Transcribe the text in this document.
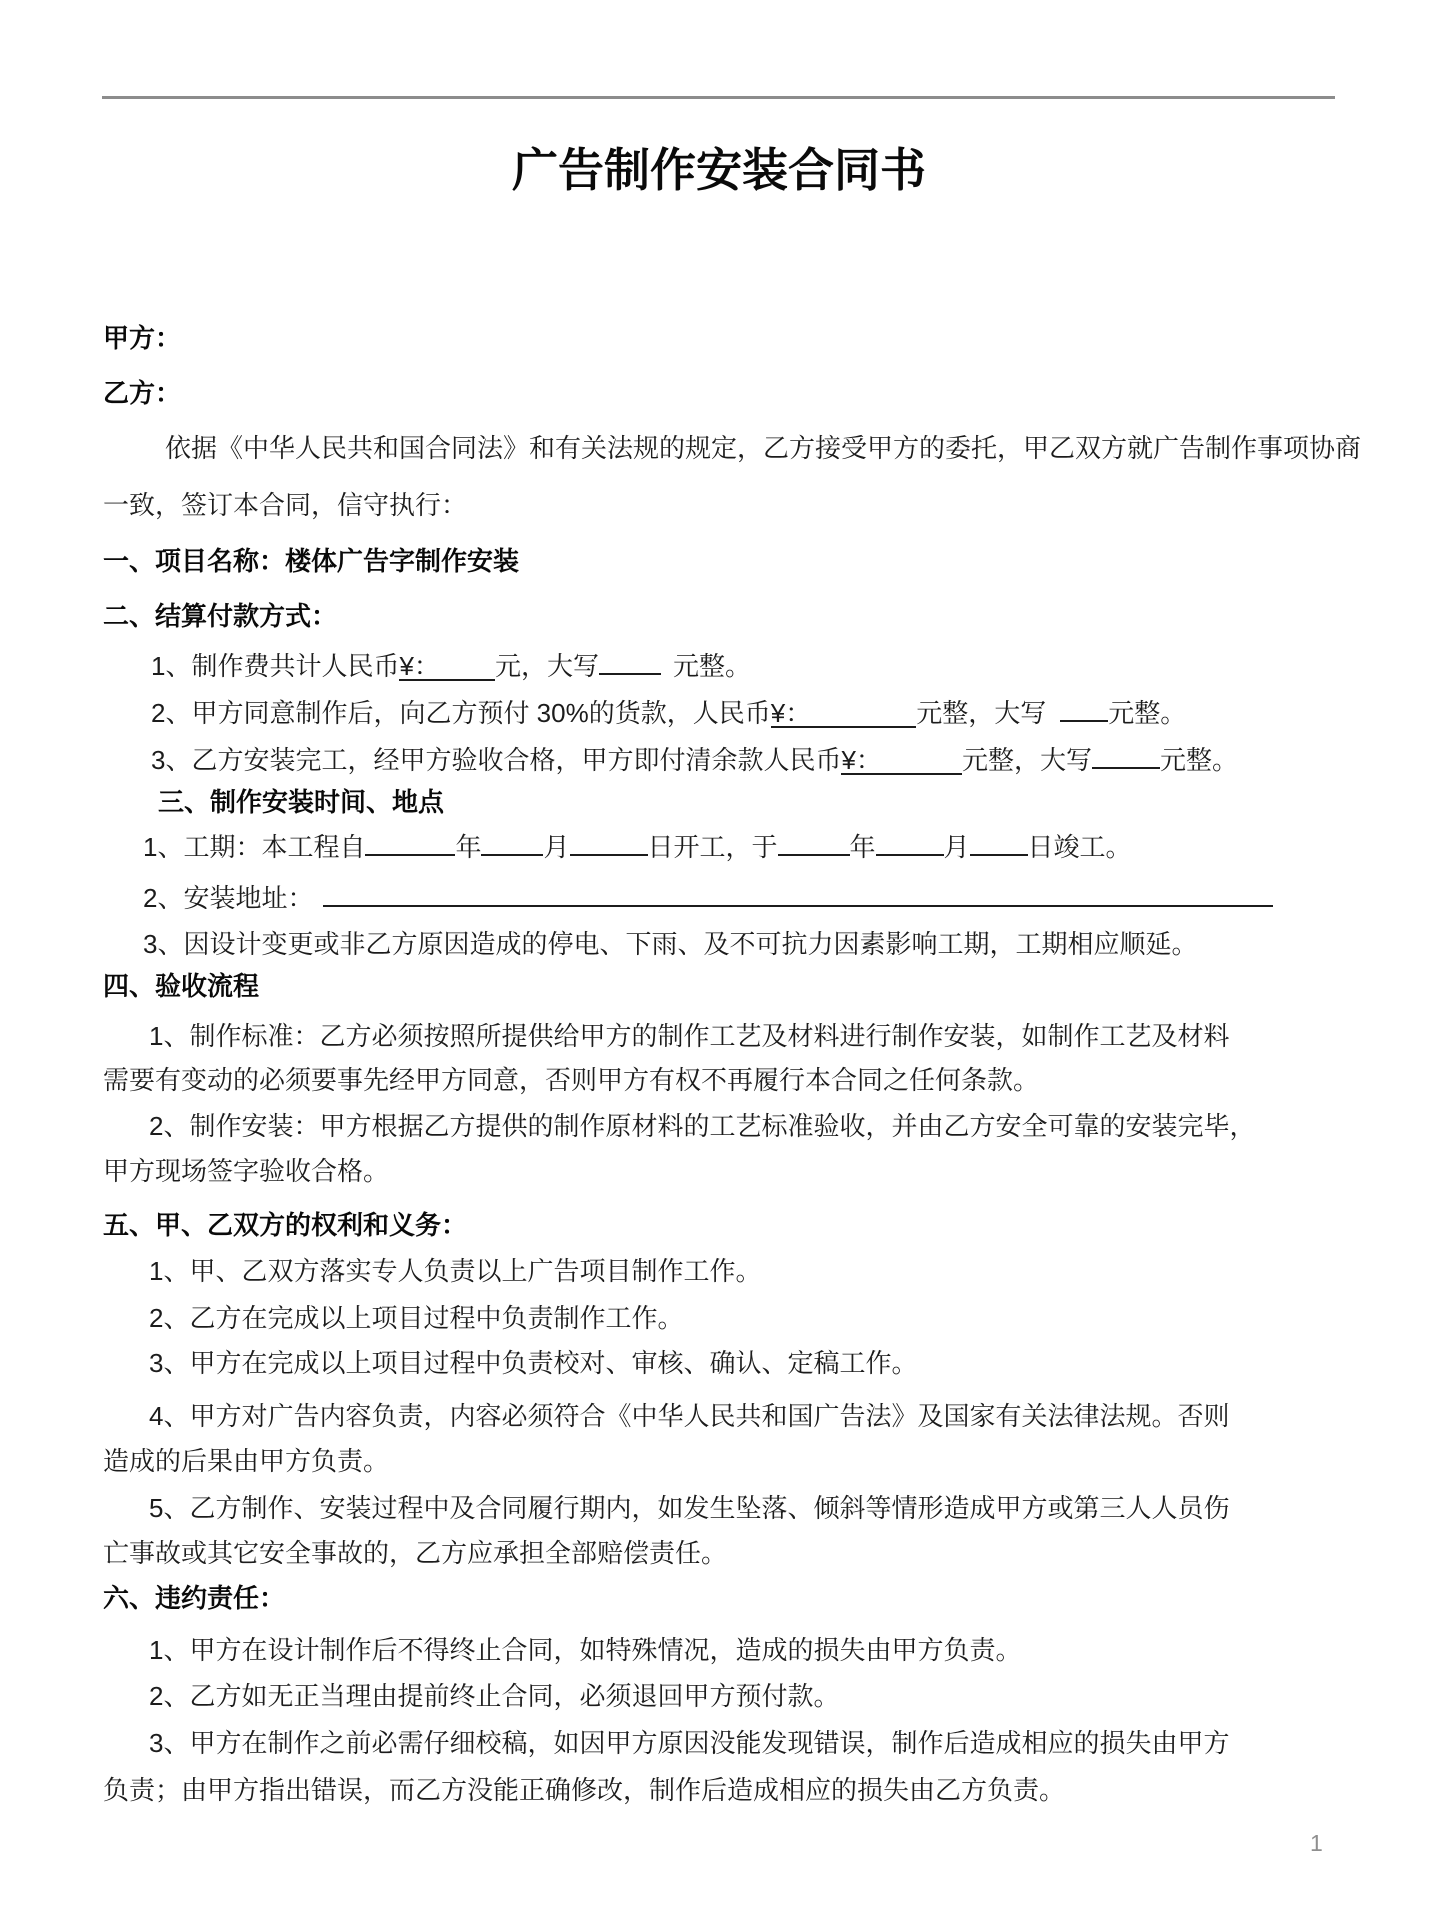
广告制作安装合同书

甲方：

乙方：

依据《中华人民共和国合同法》和有关法规的规定，乙方接受甲方的委托，甲乙双方就广告制作事项协商

一致，签订本合同，信守执行：

一、项目名称：楼体广告字制作安装

二、结算付款方式：

1、制作费共计人民币¥： 元，大写	元整。

2、甲方同意制作后，向乙方预付 30%的货款，人民币¥：	元整，大写 元整。

3、乙方安装完工，经甲方验收合格，甲方即付清余款人民币¥：	元整，大写	元整。

三、制作安装时间、地点

1、工期：本工程自	年 月	日开工，于	年	月 日竣工。

2、安装地址：

3、因设计变更或非乙方原因造成的停电、下雨、及不可抗力因素影响工期，工期相应顺延。

四、验收流程

1、制作标准：乙方必须按照所提供给甲方的制作工艺及材料进行制作安装，如制作工艺及材料

需要有变动的必须要事先经甲方同意，否则甲方有权不再履行本合同之任何条款。

2、制作安装：甲方根据乙方提供的制作原材料的工艺标准验收，并由乙方安全可靠的安装完毕，

甲方现场签字验收合格。

五、甲、乙双方的权利和义务：

1、甲、乙双方落实专人负责以上广告项目制作工作。

2、乙方在完成以上项目过程中负责制作工作。

3、甲方在完成以上项目过程中负责校对、审核、确认、定稿工作。

4、甲方对广告内容负责，内容必须符合《中华人民共和国广告法》及国家有关法律法规。否则

造成的后果由甲方负责。

5、乙方制作、安装过程中及合同履行期内，如发生坠落、倾斜等情形造成甲方或第三人人员伤

亡事故或其它安全事故的，乙方应承担全部赔偿责任。

六、违约责任：

1、甲方在设计制作后不得终止合同，如特殊情况，造成的损失由甲方负责。

2、乙方如无正当理由提前终止合同，必须退回甲方预付款。

3、甲方在制作之前必需仔细校稿，如因甲方原因没能发现错误，制作后造成相应的损失由甲方

负责；由甲方指出错误，而乙方没能正确修改，制作后造成相应的损失由乙方负责。

1
